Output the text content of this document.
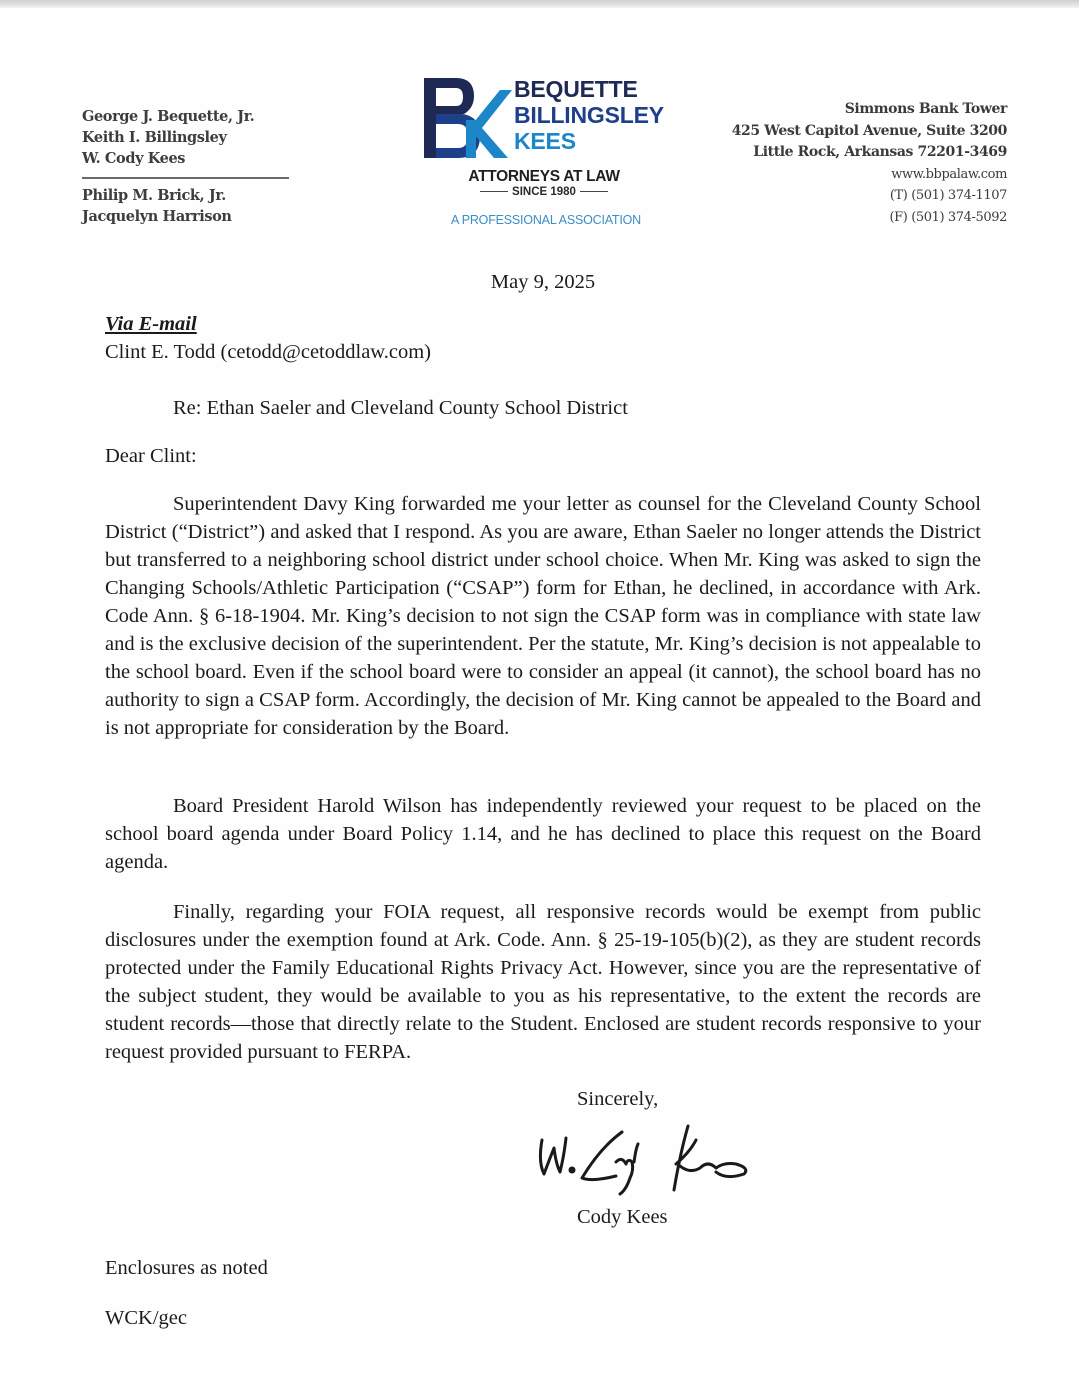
George J. Bequette, Jr.
Keith I. Billingsley
W. Cody Kees
Philip M. Brick, Jr.
Jacquelyn Harrison
BEQUETTE
BILLINGSLEY
KEES
ATTORNEYS AT LAW
SINCE 1980
A PROFESSIONAL ASSOCIATION
Simmons Bank Tower
425 West Capitol Avenue, Suite 3200
Little Rock, Arkansas 72201-3469
www.bbpalaw.com
(T) (501) 374-1107
(F) (501) 374-5092
May 9, 2025
Via E-mail
Clint E. Todd (cetodd@cetoddlaw.com)
Re: Ethan Saeler and Cleveland County School District
Dear Clint:

Superintendent Davy King forwarded me your letter as counsel for the Cleveland County School District (“District”) and asked that I respond. As you are aware, Ethan Saeler no longer attends the District but transferred to a neighboring school district under school choice. When Mr. King was asked to sign the Changing Schools/Athletic Participation (“CSAP”) form for Ethan, he declined, in accordance with Ark. Code Ann. § 6-18-1904. Mr. King’s decision to not sign the CSAP form was in compliance with state law and is the exclusive decision of the superintendent. Per the statute, Mr. King’s decision is not appealable to the school board. Even if the school board were to consider an appeal (it cannot), the school board has no authority to sign a CSAP form. Accordingly, the decision of Mr. King cannot be appealed to the Board and is not appropriate for consideration by the Board.

Board President Harold Wilson has independently reviewed your request to be placed on the school board agenda under Board Policy 1.14, and he has declined to place this request on the Board agenda.

Finally, regarding your FOIA request, all responsive records would be exempt from public disclosures under the exemption found at Ark. Code. Ann. § 25-19-105(b)(2), as they are student records protected under the Family Educational Rights Privacy Act. However, since you are the representative of the subject student, they would be available to you as his representative, to the extent the records are student records—those that directly relate to the Student. Enclosed are student records responsive to your request provided pursuant to FERPA.

Sincerely,
Cody Kees
Enclosures as noted
WCK/gec
